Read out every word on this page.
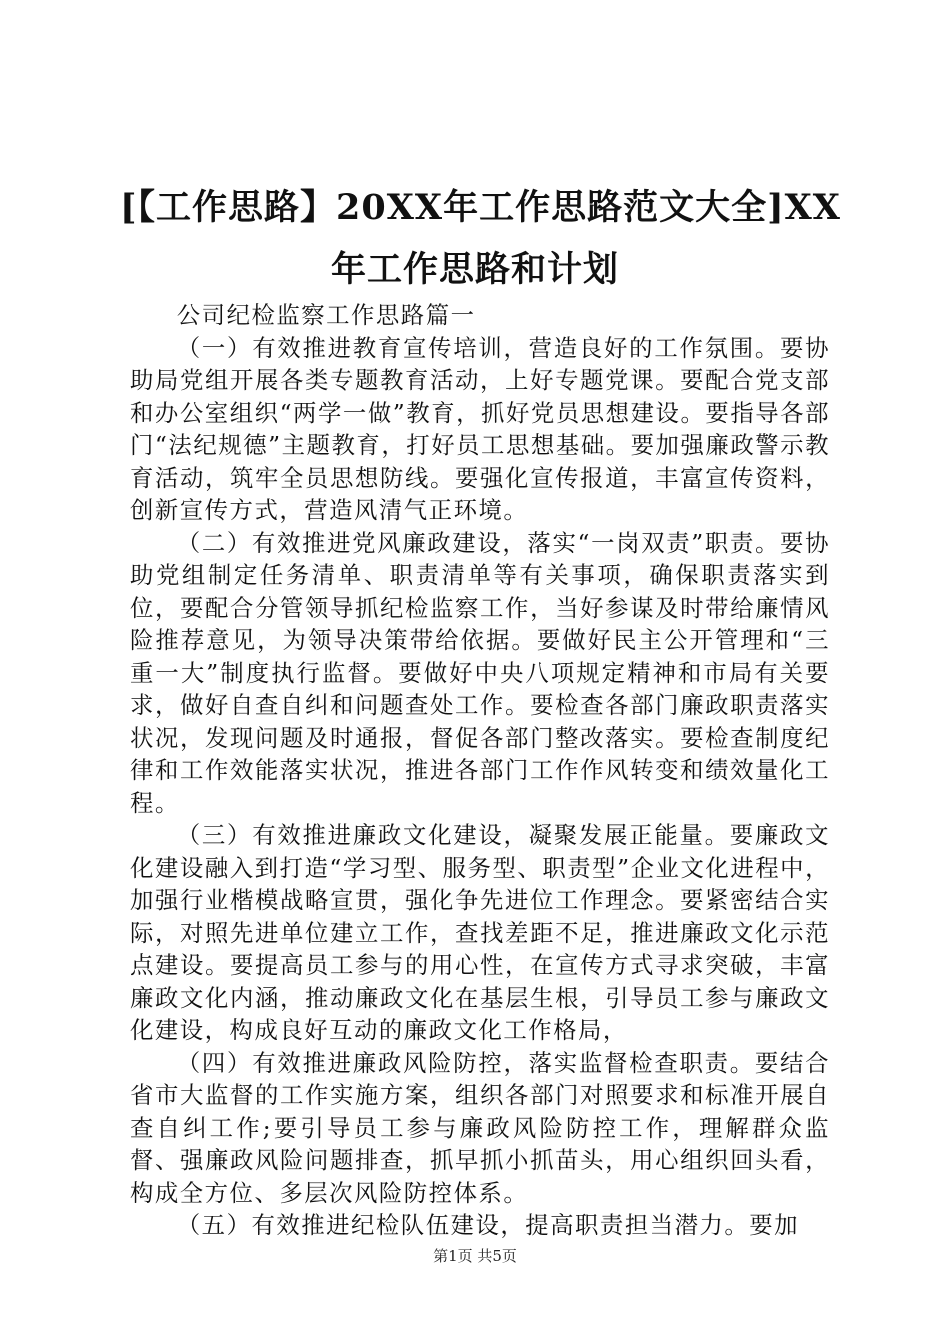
[【工作思路】20XX年工作思路范文大全]XX
年工作思路和计划

公司纪检监察工作思路篇一

（一）有效推进教育宣传培训，营造良好的工作氛围。要协助局党组开展各类专题教育活动，上好专题党课。要配合党支部和办公室组织“两学一做”教育，抓好党员思想建设。要指导各部门“法纪规德”主题教育，打好员工思想基础。要加强廉政警示教育活动，筑牢全员思想防线。要强化宣传报道，丰富宣传资料，创新宣传方式，营造风清气正环境。

（二）有效推进党风廉政建设，落实“一岗双责”职责。要协助党组制定任务清单、职责清单等有关事项，确保职责落实到位，要配合分管领导抓纪检监察工作，当好参谋及时带给廉情风险推荐意见，为领导决策带给依据。要做好民主公开管理和“三重一大”制度执行监督。要做好中央八项规定精神和市局有关要求，做好自查自纠和问题查处工作。要检查各部门廉政职责落实状况，发现问题及时通报，督促各部门整改落实。要检查制度纪律和工作效能落实状况，推进各部门工作作风转变和绩效量化工程。

（三）有效推进廉政文化建设，凝聚发展正能量。要廉政文化建设融入到打造“学习型、服务型、职责型”企业文化进程中，加强行业楷模战略宣贯，强化争先进位工作理念。要紧密结合实际，对照先进单位建立工作，查找差距不足，推进廉政文化示范点建设。要提高员工参与的用心性，在宣传方式寻求突破，丰富廉政文化内涵，推动廉政文化在基层生根，引导员工参与廉政文化建设，构成良好互动的廉政文化工作格局，

（四）有效推进廉政风险防控，落实监督检查职责。要结合省市大监督的工作实施方案，组织各部门对照要求和标准开展自查自纠工作;要引导员工参与廉政风险防控工作，理解群众监督、强廉政风险问题排查，抓早抓小抓苗头，用心组织回头看，构成全方位、多层次风险防控体系。

（五）有效推进纪检队伍建设，提高职责担当潜力。要加

第1页 共5页
